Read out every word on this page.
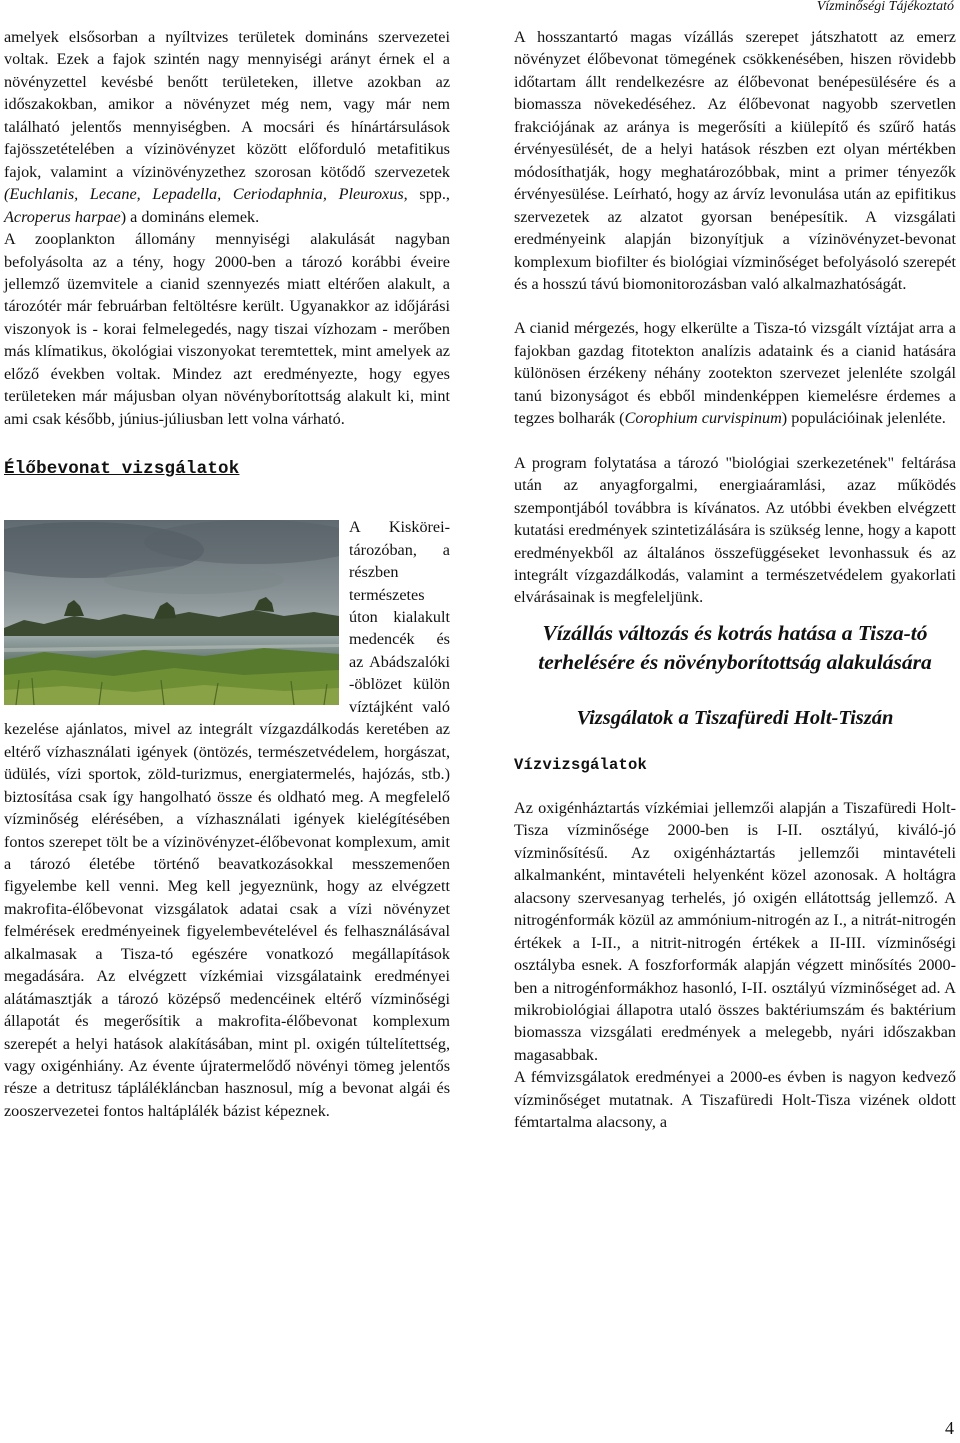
Vízminőségi Tájékoztató

amelyek elsősorban a nyíltvizes területek domináns szervezetei voltak. Ezek a fajok szintén nagy mennyiségi arányt érnek el a növényzettel kevésbé benőtt területeken, illetve azokban az időszakokban, amikor a növényzet még nem, vagy már nem található jelentős mennyiségben. A mocsári és hínártársulások fajösszetételében a vízinövényzet között előforduló metafitikus fajok, valamint a vízinövényzethez szorosan kötődő szervezetek (Euchlanis, Lecane, Lepadella, Ceriodaphnia, Pleuroxus, spp., Acroperus harpae) a domináns elemek.

A zooplankton állomány mennyiségi alakulását nagyban befolyásolta az a tény, hogy 2000-ben a tározó korábbi éveire jellemző üzemvitele a cianid szennyezés miatt eltérően alakult, a tározótér már februárban feltöltésre került. Ugyanakkor az időjárási viszonyok is - korai felmelegedés, nagy tiszai vízhozam - merőben más klímatikus, ökológiai viszonyokat teremtettek, mint amelyek az előző években voltak. Mindez azt eredményezte, hogy egyes területeken már májusban olyan növényborítottság alakult ki, mint ami csak később, június-júliusban lett volna várható.

Élőbevonat vizsgálatok

A Kiskörei-tározóban, a részben természetes úton kialakult medencék és az Abádszalóki -öblözet külön víztájként való kezelése ajánlatos, mivel az integrált vízgazdálkodás keretében az eltérő vízhasználati igények (öntözés, természetvédelem, horgászat, üdülés, vízi sportok, zöld-turizmus, energiatermelés, hajózás, stb.) biztosítása csak így hangolható össze és oldható meg. A megfelelő vízminőség elérésében, a vízhasználati igények kielégítésében fontos szerepet tölt be a vízinövényzet-élőbevonat komplexum, amit a tározó életébe történő beavatkozásokkal messzemenően figyelembe kell venni. Meg kell jegyeznünk, hogy az elvégzett makrofita-élőbevonat vizsgálatok adatai csak a vízi növényzet felmérések eredményeinek figyelembevételével és felhasználásával alkalmasak a Tisza-tó egészére vonatkozó megállapítások megadására. Az elvégzett vízkémiai vizsgálataink eredményei alátámasztják a tározó középső medencéinek eltérő vízminőségi állapotát és megerősítik a makrofita-élőbevonat komplexum szerepét a helyi hatások alakításában, mint pl. oxigén túltelítettség, vagy oxigénhiány. Az évente újratermelődő növényi tömeg jelentős része a detritusz táplálékláncban hasznosul, míg a bevonat algái és zooszervezetei fontos haltáplálék bázist képeznek.

A hosszantartó magas vízállás szerepet játszhatott az emerz növényzet élőbevonat tömegének csökkenésében, hiszen rövidebb időtartam állt rendelkezésre az élőbevonat benépesülésére és a biomassza növekedéséhez. Az élőbevonat nagyobb szervetlen frakciójának az aránya is megerősíti a kiülepítő és szűrő hatás érvényesülését, de a helyi hatások részben ezt olyan mértékben módosíthatják, hogy meghatározóbbak, mint a primer tényezők érvényesülése. Leírható, hogy az árvíz levonulása után az epifitikus szervezetek az alzatot gyorsan benépesítik. A vizsgálati eredményeink alapján bizonyítjuk a vízinövényzet-bevonat komplexum biofilter és biológiai vízminőséget befolyásoló szerepét és a hosszú távú biomonitorozásban való alkalmazhatóságát.

A cianid mérgezés, hogy elkerülte a Tisza-tó vizsgált víztájat arra a fajokban gazdag fitotekton analízis adataink és a cianid hatására különösen érzékeny néhány zootekton szervezet jelenléte szolgál tanú bizonyságot és ebből mindenképpen kiemelésre érdemes a tegzes bolharák (Corophium curvispinum) populációinak jelenléte.

A program folytatása a tározó "biológiai szerkezetének" feltárása után az anyagforgalmi, energiaáramlási, azaz működés szempontjából továbbra is kívánatos. Az utóbbi években elvégzett kutatási eredmények szintetizálására is szükség lenne, hogy a kapott eredményekből az általános összefüggéseket levonhassuk és az integrált vízgazdálkodás, valamint a természetvédelem gyakorlati elvárásainak is megfeleljünk.

Vízállás változás és kotrás hatása a Tisza-tó terhelésére és növényborítottság alakulására
Vizsgálatok a Tiszafüredi Holt-Tiszán
Vízvizsgálatok

Az oxigénháztartás vízkémiai jellemzői alapján a Tiszafüredi Holt-Tisza vízminősége 2000-ben is I-II. osztályú, kiváló-jó vízminősítésű. Az oxigénháztartás jellemzői mintavételi alkalmanként, mintavételi helyenként közel azonosak. A holtágra alacsony szervesanyag terhelés, jó oxigén ellátottság jellemző. A nitrogénformák közül az ammónium-nitrogén az I., a nitrát-nitrogén értékek a I-II., a nitrit-nitrogén értékek a II-III. vízminőségi osztályba esnek. A foszforformák alapján végzett minősítés 2000-ben a nitrogénformákhoz hasonló, I-II. osztályú vízminőséget ad. A mikrobiológiai állapotra utaló összes baktériumszám és baktérium biomassza vizsgálati eredmények a melegebb, nyári időszakban magasabbak.

A fémvizsgálatok eredményei a 2000-es évben is nagyon kedvező vízminőséget mutatnak. A Tiszafüredi Holt-Tisza vizének oldott fémtartalma alacsony, a

4
